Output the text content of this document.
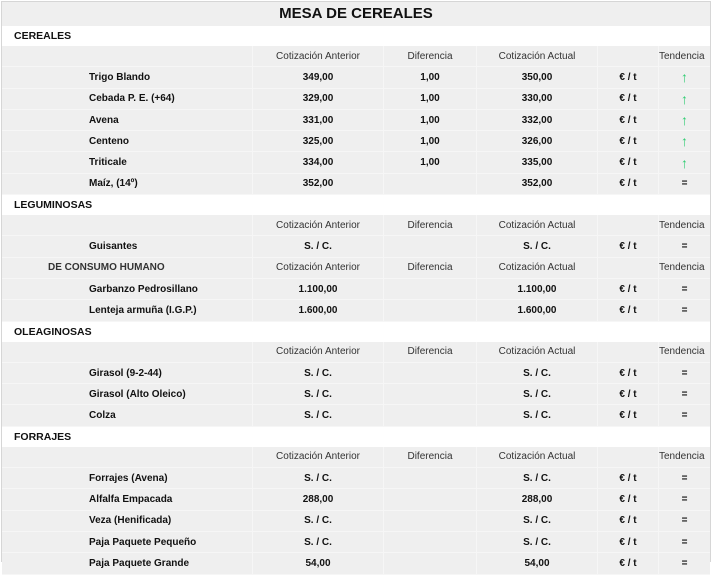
MESA DE CEREALES
CEREALES
	Cotización Anterior	Diferencia	Cotización Actual		Tendencia
Trigo Blando	349,00	1,00	350,00	€ / t	↑
Cebada P. E. (+64)	329,00	1,00	330,00	€ / t	↑
Avena	331,00	1,00	332,00	€ / t	↑
Centeno	325,00	1,00	326,00	€ / t	↑
Triticale	334,00	1,00	335,00	€ / t	↑
Maíz, (14º)	352,00		352,00	€ / t	=
LEGUMINOSAS
	Cotización Anterior	Diferencia	Cotización Actual		Tendencia
Guisantes	S. / C.		S. / C.	€ / t	=
DE CONSUMO HUMANO	Cotización Anterior	Diferencia	Cotización Actual		Tendencia
Garbanzo Pedrosillano	1.100,00		1.100,00	€ / t	=
Lenteja armuña (I.G.P.)	1.600,00		1.600,00	€ / t	=
OLEAGINOSAS
	Cotización Anterior	Diferencia	Cotización Actual		Tendencia
Girasol (9-2-44)	S. / C.		S. / C.	€ / t	=
Girasol (Alto Oleico)	S. / C.		S. / C.	€ / t	=
Colza	S. / C.		S. / C.	€ / t	=
FORRAJES
	Cotización Anterior	Diferencia	Cotización Actual		Tendencia
Forrajes (Avena)	S. / C.		S. / C.	€ / t	=
Alfalfa Empacada	288,00		288,00	€ / t	=
Veza (Henificada)	S. / C.		S. / C.	€ / t	=
Paja Paquete Pequeño	S. / C.		S. / C.	€ / t	=
Paja Paquete Grande	54,00		54,00	€ / t	=
